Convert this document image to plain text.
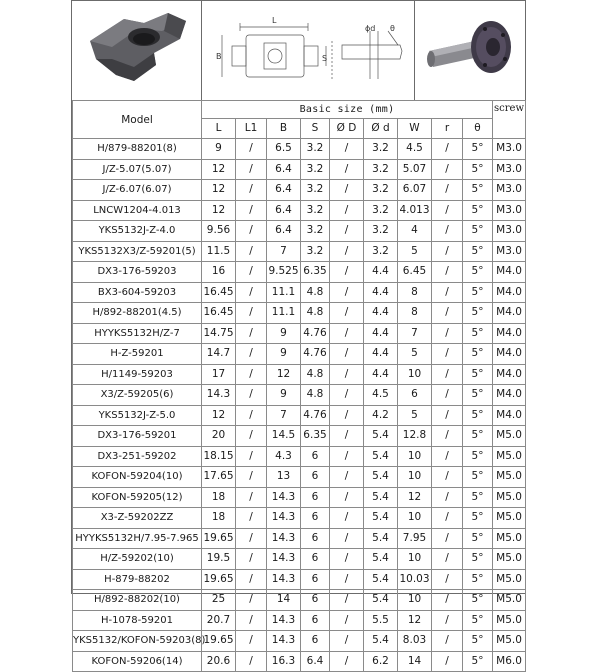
L
B	S
ϕd θ
Model	Basic size (mm)									screw
	L	L1	B	S	Ø D	Ø d	W	r	θ	
H/879-88201(8)	9	/	6.5	3.2	/	3.2	4.5	/	5°	M3.0
J/Z-5.07(5.07)	12	/	6.4	3.2	/	3.2	5.07	/	5°	M3.0
J/Z-6.07(6.07)	12	/	6.4	3.2	/	3.2	6.07	/	5°	M3.0
LNCW1204-4.013	12	/	6.4	3.2	/	3.2	4.013	/	5°	M3.0
YKS5132J-Z-4.0	9.56	/	6.4	3.2	/	3.2	4	/	5°	M3.0
YKS5132X3/Z-59201(5)	11.5	/	7	3.2	/	3.2	5	/	5°	M3.0
DX3-176-59203	16	/	9.525	6.35	/	4.4	6.45	/	5°	M4.0
BX3-604-59203	16.45	/	11.1	4.8	/	4.4	8	/	5°	M4.0
H/892-88201(4.5)	16.45	/	11.1	4.8	/	4.4	8	/	5°	M4.0
HYYKS5132H/Z-7	14.75	/	9	4.76	/	4.4	7	/	5°	M4.0
H-Z-59201	14.7	/	9	4.76	/	4.4	5	/	5°	M4.0
H/1149-59203	17	/	12	4.8	/	4.4	10	/	5°	M4.0
X3/Z-59205(6)	14.3	/	9	4.8	/	4.5	6	/	5°	M4.0
YKS5132J-Z-5.0	12	/	7	4.76	/	4.2	5	/	5°	M4.0
DX3-176-59201	20	/	14.5	6.35	/	5.4	12.8	/	5°	M5.0
DX3-251-59202	18.15	/	4.3	6	/	5.4	10	/	5°	M5.0
KOFON-59204(10)	17.65	/	13	6	/	5.4	10	/	5°	M5.0
KOFON-59205(12)	18	/	14.3	6	/	5.4	12	/	5°	M5.0
X3-Z-59202ZZ	18	/	14.3	6	/	5.4	10	/	5°	M5.0
HYYKS5132H/7.95-7.965	19.65	/	14.3	6	/	5.4	7.95	/	5°	M5.0
H/Z-59202(10)	19.5	/	14.3	6	/	5.4	10	/	5°	M5.0
H-879-88202	19.65	/	14.3	6	/	5.4	10.03	/	5°	M5.0
H/892-88202(10)	25	/	14	6	/	5.4	10	/	5°	M5.0
H-1078-59201	20.7	/	14.3	6	/	5.5	12	/	5°	M5.0
YKS5132/KOFON-59203(8)	19.65	/	14.3	6	/	5.4	8.03	/	5°	M5.0
KOFON-59206(14)	20.6	/	16.3	6.4	/	6.2	14	/	5°	M6.0
